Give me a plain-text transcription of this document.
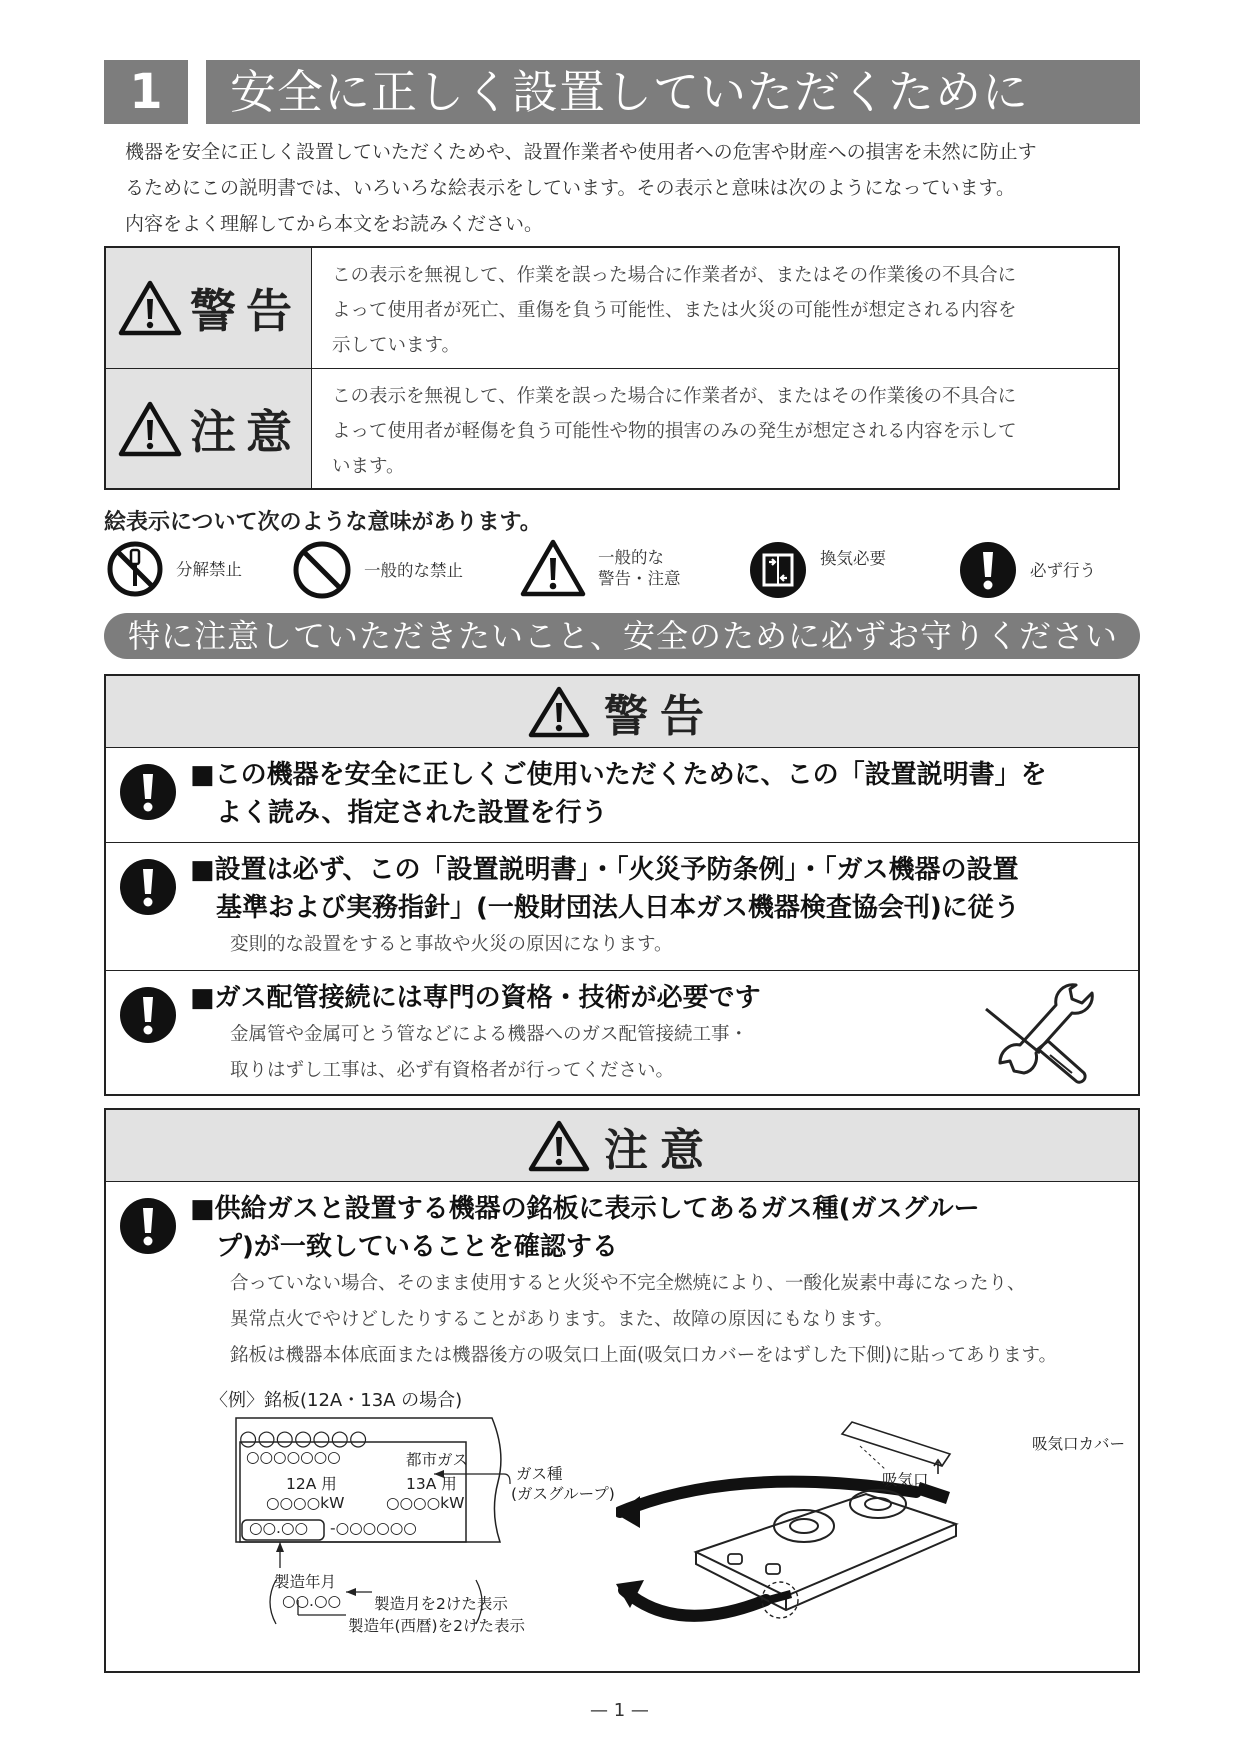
1	安全に正しく設置していただくために
機器を安全に正しく設置していただくためや、設置作業者や使用者への危害や財産への損害を未然に防止す
るためにこの説明書では、いろいろな絵表示をしています。その表示と意味は次のようになっています。
内容をよく理解してから本文をお読みください。
警告
この表示を無視して、作業を誤った場合に作業者が、またはその作業後の不具合に
よって使用者が死亡、重傷を負う可能性、または火災の可能性が想定される内容を
示しています。
注意
この表示を無視して、作業を誤った場合に作業者が、またはその作業後の不具合に
よって使用者が軽傷を負う可能性や物的損害のみの発生が想定される内容を示して
います。
絵表示について次のような意味があります。
分解禁止	一般的な禁止
一般的な
警告・注意
換気必要
必ず行う
特に注意していただきたいこと、安全のために必ずお守りください
警告
■この機器を安全に正しくご使用いただくために、この「設置説明書」を
よく読み、指定された設置を行う
■設置は必ず、この「設置説明書」・「火災予防条例」・「ガス機器の設置
基準および実務指針」(一般財団法人日本ガス機器検査協会刊)に従う
変則的な設置をすると事故や火災の原因になります。
■ガス配管接続には専門の資格・技術が必要です
金属管や金属可とう管などによる機器へのガス配管接続工事・
取りはずし工事は、必ず有資格者が行ってください。
注意
■供給ガスと設置する機器の銘板に表示してあるガス種(ガスグルー
プ)が一致していることを確認する
合っていない場合、そのまま使用すると火災や不完全燃焼により、一酸化炭素中毒になったり、
異常点火でやけどしたりすることがあります。また、故障の原因にもなります。
銘板は機器本体底面または機器後方の吸気口上面(吸気口カバーをはずした下側)に貼ってあります。
〈例〉銘板(12A・13A の場合)
○○○○○○○
○○○○○○○	都市ガス
12A 用	13A 用
○○○○kW	○○○○kW
○○.○○ -○○○○○○
ガス種
(ガスグループ)
製造年月
○○.○○ 製造月を2けた表示
製造年(西暦)を2けた表示
吸気口
吸気口カバー
— 1 —
